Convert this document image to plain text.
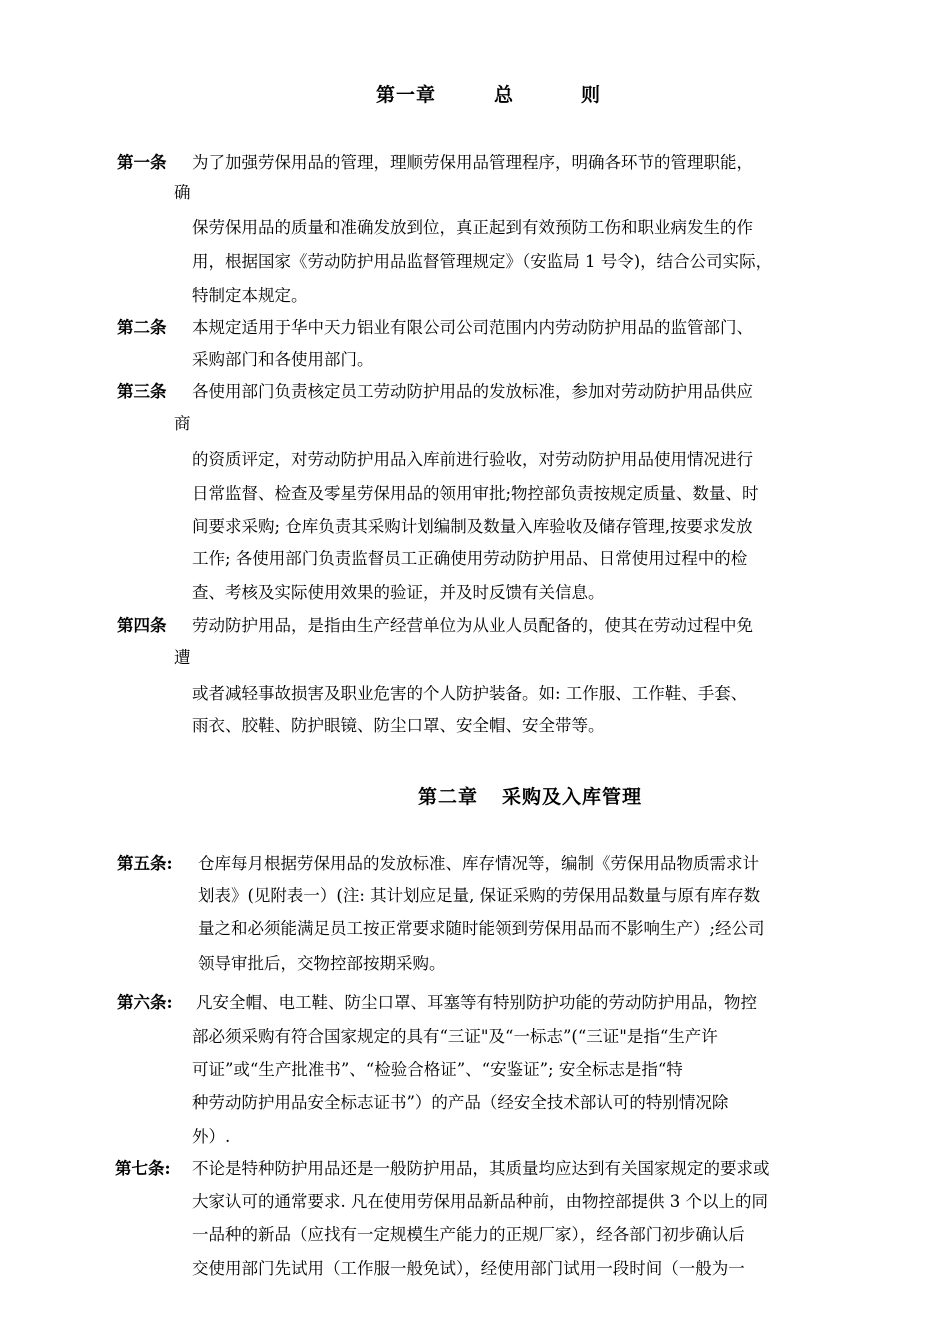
第一章	总　　则
第一条 为了加强劳保用品的管理，理顺劳保用品管理程序，明确各环节的管理职能，
确
保劳保用品的质量和准确发放到位，真正起到有效预防工伤和职业病发生的作
用，根据国家《劳动防护用品监督管理规定》（安监局 1 号令)，结合公司实际，
特制定本规定。
第二条 本规定适用于华中天力铝业有限公司公司范围内内劳动防护用品的监管部门、
采购部门和各使用部门。
第三条 各使用部门负责核定员工劳动防护用品的发放标准，参加对劳动防护用品供应
商
的资质评定，对劳动防护用品入库前进行验收，对劳动防护用品使用情况进行
日常监督、检查及零星劳保用品的领用审批;物控部负责按规定质量、数量、时
间要求采购; 仓库负责其采购计划编制及数量入库验收及储存管理,按要求发放
工作; 各使用部门负责监督员工正确使用劳动防护用品、日常使用过程中的检
查、考核及实际使用效果的验证，并及时反馈有关信息。
第四条 劳动防护用品，是指由生产经营单位为从业人员配备的，使其在劳动过程中免
遭
或者减轻事故损害及职业危害的个人防护装备。如: 工作服、工作鞋、手套、
雨衣、胶鞋、防护眼镜、防尘口罩、安全帽、安全带等。
第二章 采购及入库管理
第五条: 仓库每月根据劳保用品的发放标准、库存情况等，编制《劳保用品物质需求计
划表》(见附表一）(注: 其计划应足量, 保证采购的劳保用品数量与原有库存数
量之和必须能满足员工按正常要求随时能领到劳保用品而不影响生产）;经公司
领导审批后，交物控部按期采购。
第六条: 凡安全帽、电工鞋、防尘口罩、耳塞等有特别防护功能的劳动防护用品，物控
部必须采购有符合国家规定的具有“三证"及“一标志”(“三证"是指“生产许
可证”或“生产批准书”、“检验合格证”、“安鉴证”; 安全标志是指“特
种劳动防护用品安全标志证书”）的产品（经安全技术部认可的特别情况除
外）.
第七条: 不论是特种防护用品还是一般防护用品，其质量均应达到有关国家规定的要求或
大家认可的通常要求. 凡在使用劳保用品新品种前，由物控部提供 3 个以上的同
一品种的新品（应找有一定规模生产能力的正规厂家），经各部门初步确认后
交使用部门先试用（工作服一般免试），经使用部门试用一段时间（一般为一
